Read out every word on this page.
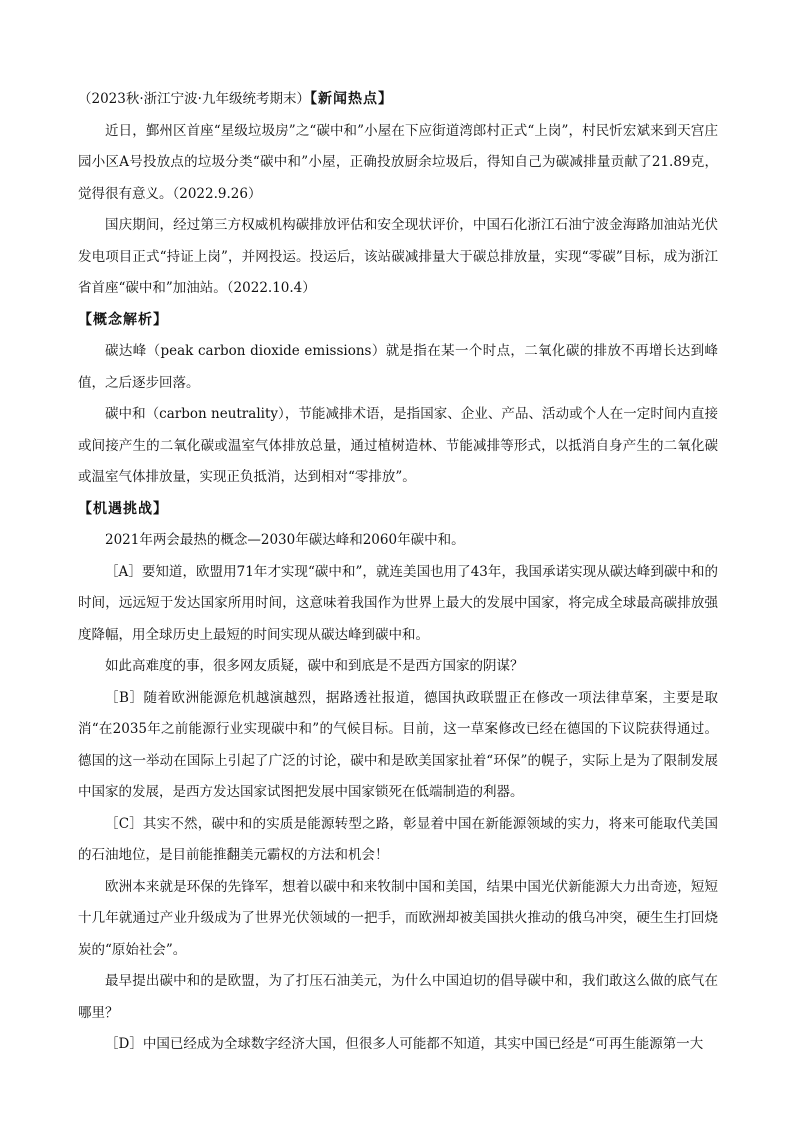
（2023秋·浙江宁波·九年级统考期末）【新闻热点】

近日，鄞州区首座“星级垃圾房”之“碳中和”小屋在下应街道湾郎村正式“上岗”，村民忻宏斌来到天宫庄园小区A号投放点的垃圾分类“碳中和”小屋，正确投放厨余垃圾后，得知自己为碳减排量贡献了21.89克，觉得很有意义。（2022.9.26）

国庆期间，经过第三方权威机构碳排放评估和安全现状评价，中国石化浙江石油宁波金海路加油站光伏发电项目正式“持证上岗”，并网投运。投运后，该站碳减排量大于碳总排放量，实现“零碳”目标，成为浙江省首座“碳中和”加油站。（2022.10.4）

【概念解析】

碳达峰（peak carbon dioxide emissions）就是指在某一个时点，二氧化碳的排放不再增长达到峰值，之后逐步回落。

碳中和（carbon neutrality），节能减排术语，是指国家、企业、产品、活动或个人在一定时间内直接或间接产生的二氧化碳或温室气体排放总量，通过植树造林、节能减排等形式，以抵消自身产生的二氧化碳或温室气体排放量，实现正负抵消，达到相对“零排放”。

【机遇挑战】

2021年两会最热的概念—2030年碳达峰和2060年碳中和。

［A］要知道，欧盟用71年才实现“碳中和”，就连美国也用了43年，我国承诺实现从碳达峰到碳中和的时间，远远短于发达国家所用时间，这意味着我国作为世界上最大的发展中国家，将完成全球最高碳排放强度降幅，用全球历史上最短的时间实现从碳达峰到碳中和。

如此高难度的事，很多网友质疑，碳中和到底是不是西方国家的阴谋？

［B］随着欧洲能源危机越演越烈，据路透社报道，德国执政联盟正在修改一项法律草案，主要是取消“在2035年之前能源行业实现碳中和”的气候目标。目前，这一草案修改已经在德国的下议院获得通过。德国的这一举动在国际上引起了广泛的讨论，碳中和是欧美国家扯着“环保”的幌子，实际上是为了限制发展中国家的发展，是西方发达国家试图把发展中国家锁死在低端制造的利器。

［C］其实不然，碳中和的实质是能源转型之路，彰显着中国在新能源领域的实力，将来可能取代美国的石油地位，是目前能推翻美元霸权的方法和机会！

欧洲本来就是环保的先锋军，想着以碳中和来牧制中国和美国，结果中国光伏新能源大力出奇迹，短短十几年就通过产业升级成为了世界光伏领域的一把手，而欧洲却被美国拱火推动的俄乌冲突，硬生生打回烧炭的“原始社会”。

最早提出碳中和的是欧盟，为了打压石油美元，为什么中国迫切的倡导碳中和，我们敢这么做的底气在哪里？

［D］中国已经成为全球数字经济大国，但很多人可能都不知道，其实中国已经是“可再生能源第一大
